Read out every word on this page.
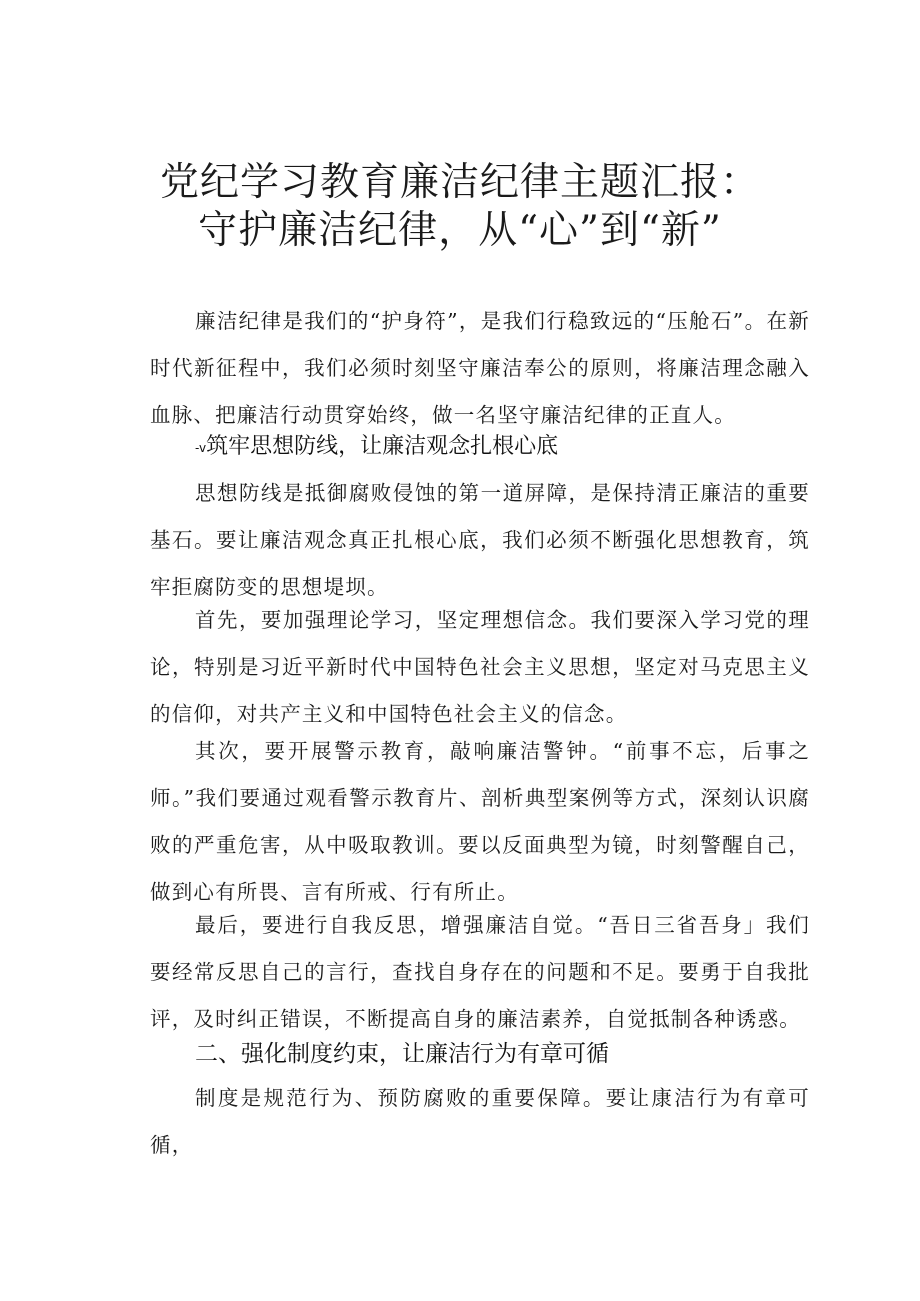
党纪学习教育廉洁纪律主题汇报：
守护廉洁纪律，从“心”到“新”

廉洁纪律是我们的“护身符”，是我们行稳致远的“压舱石”。在新时代新征程中，我们必须时刻坚守廉洁奉公的原则，将廉洁理念融入血脉、把廉洁行动贯穿始终，做一名坚守廉洁纪律的正直人。

-v筑牢思想防线，让廉洁观念扎根心底

思想防线是抵御腐败侵蚀的第一道屏障，是保持清正廉洁的重要基石。要让廉洁观念真正扎根心底，我们必须不断强化思想教育，筑牢拒腐防变的思想堤坝。

首先，要加强理论学习，坚定理想信念。我们要深入学习党的理论，特别是习近平新时代中国特色社会主义思想，坚定对马克思主义的信仰，对共产主义和中国特色社会主义的信念。

其次，要开展警示教育，敲响廉洁警钟。“前事不忘，后事之师。”我们要通过观看警示教育片、剖析典型案例等方式，深刻认识腐败的严重危害，从中吸取教训。要以反面典型为镜，时刻警醒自己，做到心有所畏、言有所戒、行有所止。

最后，要进行自我反思，增强廉洁自觉。“吾日三省吾身」我们要经常反思自己的言行，查找自身存在的问题和不足。要勇于自我批评，及时纠正错误，不断提高自身的廉洁素养，自觉抵制各种诱惑。

二、强化制度约束，让廉洁行为有章可循

制度是规范行为、预防腐败的重要保障。要让康洁行为有章可循，
